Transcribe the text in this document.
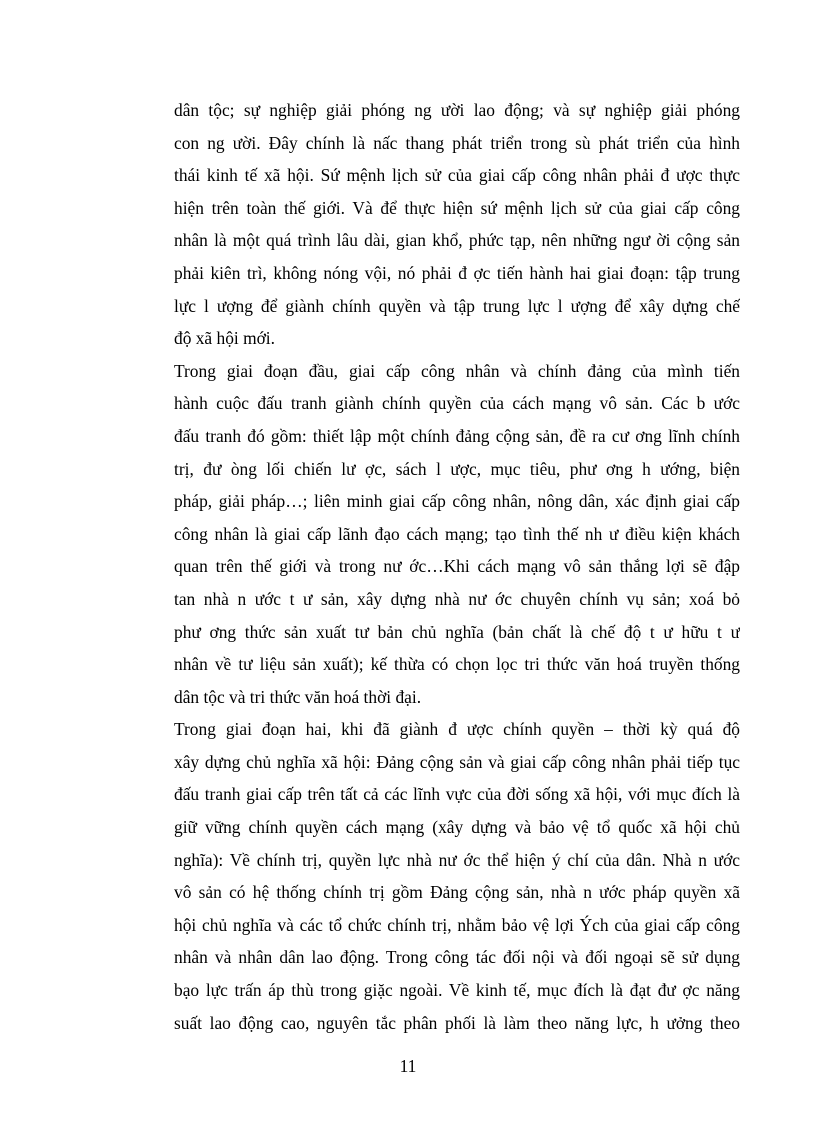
dân tộc; sự nghiệp giải phóng ng ười lao động; và sự nghiệp giải phóng
con ng ười. Đây chính là nấc thang phát triển trong sù phát triển của hình
thái kinh tế xã hội. Sứ mệnh lịch sử của giai cấp công nhân phải đ ược thực
hiện trên toàn thế giới. Và để thực hiện sứ mệnh lịch sử của giai cấp công
nhân là một quá trình lâu dài, gian khổ, phức tạp, nên những ngư ời cộng sản
phải kiên trì, không nóng vội, nó phải đ ợc tiến hành hai giai đoạn: tập trung
lực l ượng để giành chính quyền và tập trung lực l ượng để xây dựng chế
độ xã hội mới.

Trong giai đoạn đầu, giai cấp công nhân và chính đảng của mình tiến
hành cuộc đấu tranh giành chính quyền của cách mạng vô sản. Các b ước
đấu tranh đó gồm: thiết lập một chính đảng cộng sản, đề ra cư ơng lĩnh chính
trị, đư òng lối chiến lư ợc, sách l ược, mục tiêu, phư ơng h ướng, biện
pháp, giải pháp…; liên minh giai cấp công nhân, nông dân, xác định giai cấp
công nhân là giai cấp lãnh đạo cách mạng; tạo tình thế nh ư điều kiện khách
quan trên thế giới và trong nư ớc…Khi cách mạng vô sản thắng lợi sẽ đập
tan nhà n ước t ư sản, xây dựng nhà nư ớc chuyên chính vụ sản; xoá bỏ
phư ơng thức sản xuất tư bản chủ nghĩa (bản chất là chế độ t ư hữu t ư
nhân về tư liệu sản xuất); kế thừa có chọn lọc tri thức văn hoá truyền thống
dân tộc và tri thức văn hoá thời đại.

Trong giai đoạn hai, khi đã giành đ ược chính quyền – thời kỳ quá độ
xây dựng chủ nghĩa xã hội: Đảng cộng sản và giai cấp công nhân phải tiếp tục
đấu tranh giai cấp trên tất cả các lĩnh vực của đời sống xã hội, với mục đích là
giữ vững chính quyền cách mạng (xây dựng và bảo vệ tổ quốc xã hội chủ
nghĩa): Về chính trị, quyền lực nhà nư ớc thể hiện ý chí của dân. Nhà n ước
vô sản có hệ thống chính trị gồm Đảng cộng sản, nhà n ước pháp quyền xã
hội chủ nghĩa và các tổ chức chính trị, nhằm bảo vệ lợi Ých của giai cấp công
nhân và nhân dân lao động. Trong công tác đối nội và đối ngoại sẽ sử dụng
bạo lực trấn áp thù trong giặc ngoài. Về kinh tế, mục đích là đạt đư ợc năng
suất lao động cao, nguyên tắc phân phối là làm theo năng lực, h ưởng theo

11
